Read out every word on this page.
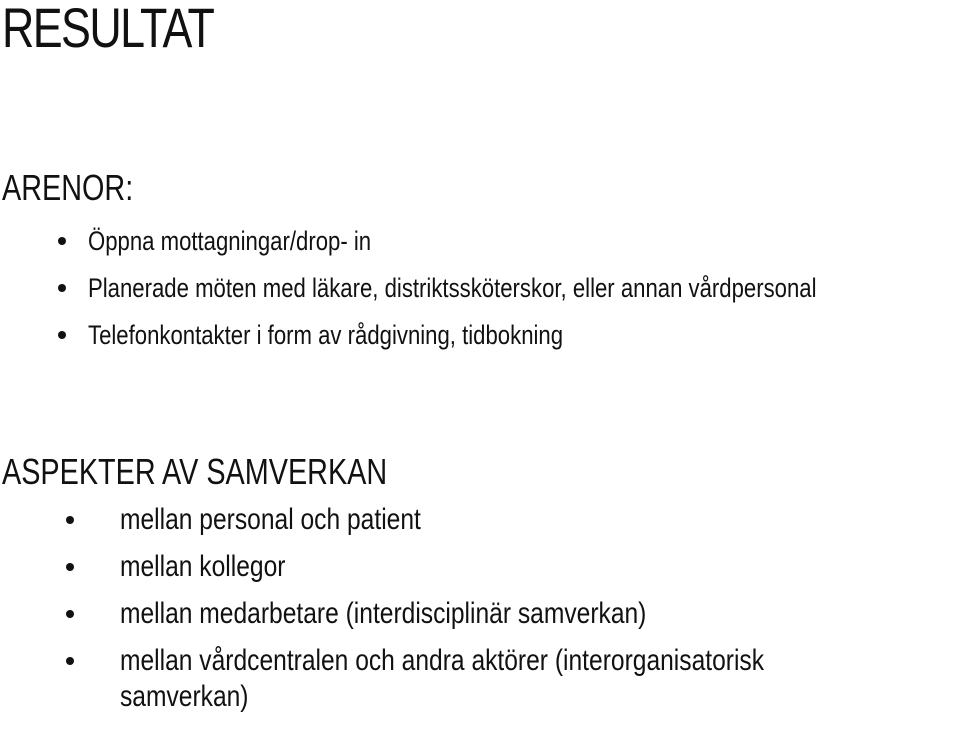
RESULTAT
ARENOR:
Öppna mottagningar/drop- in
Planerade möten med läkare, distriktssköterskor, eller annan vårdpersonal
Telefonkontakter i form av rådgivning, tidbokning
ASPEKTER AV SAMVERKAN
mellan personal och patient
mellan kollegor
mellan medarbetare (interdisciplinär samverkan)
mellan vårdcentralen och andra aktörer (interorganisatorisk samverkan)
